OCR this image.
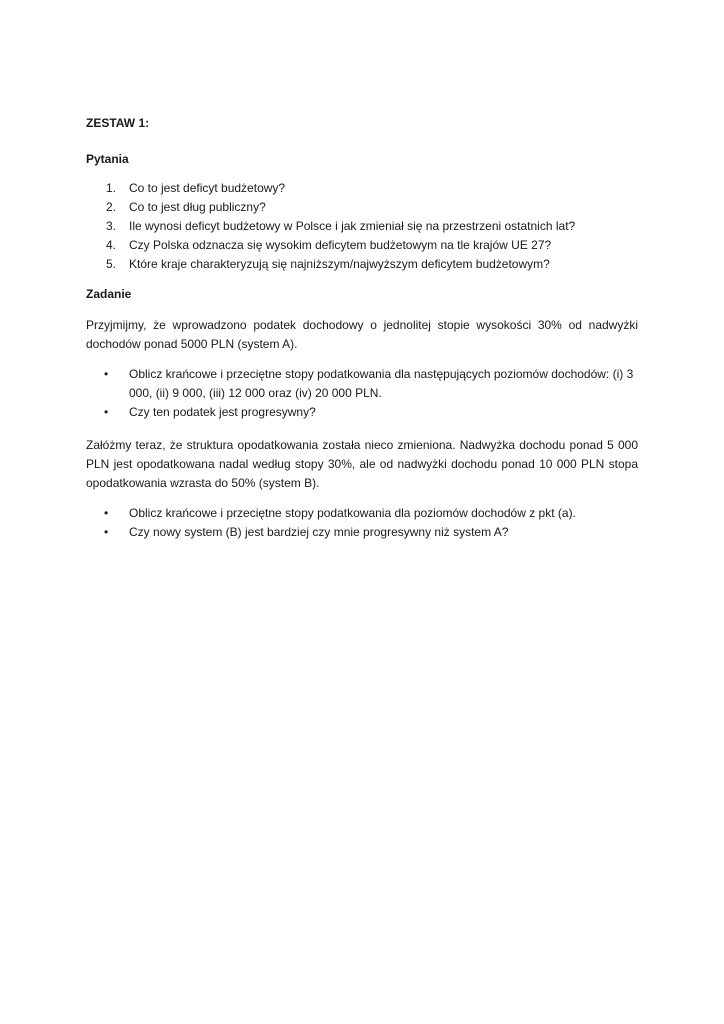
ZESTAW 1:

Pytania

1. Co to jest deficyt budżetowy?
2. Co to jest dług publiczny?
3. Ile wynosi deficyt budżetowy w Polsce i jak zmieniał się na przestrzeni ostatnich lat?
4. Czy Polska odznacza się wysokim deficytem budżetowym na tle krajów UE 27?
5. Które kraje charakteryzują się najniższym/najwyższym deficytem budżetowym?

Zadanie

Przyjmijmy, że wprowadzono podatek dochodowy o jednolitej stopie wysokości 30% od nadwyżki dochodów ponad 5000 PLN (system A).

• Oblicz krańcowe i przeciętne stopy podatkowania dla następujących poziomów dochodów: (i) 3 000, (ii) 9 000, (iii) 12 000 oraz (iv) 20 000 PLN.
• Czy ten podatek jest progresywny?

Załóżmy teraz, że struktura opodatkowania została nieco zmieniona. Nadwyżka dochodu ponad 5 000 PLN jest opodatkowana nadal według stopy 30%, ale od nadwyżki dochodu ponad 10 000 PLN stopa opodatkowania wzrasta do 50% (system B).

• Oblicz krańcowe i przeciętne stopy podatkowania dla poziomów dochodów z pkt (a).
• Czy nowy system (B) jest bardziej czy mnie progresywny niż system A?
